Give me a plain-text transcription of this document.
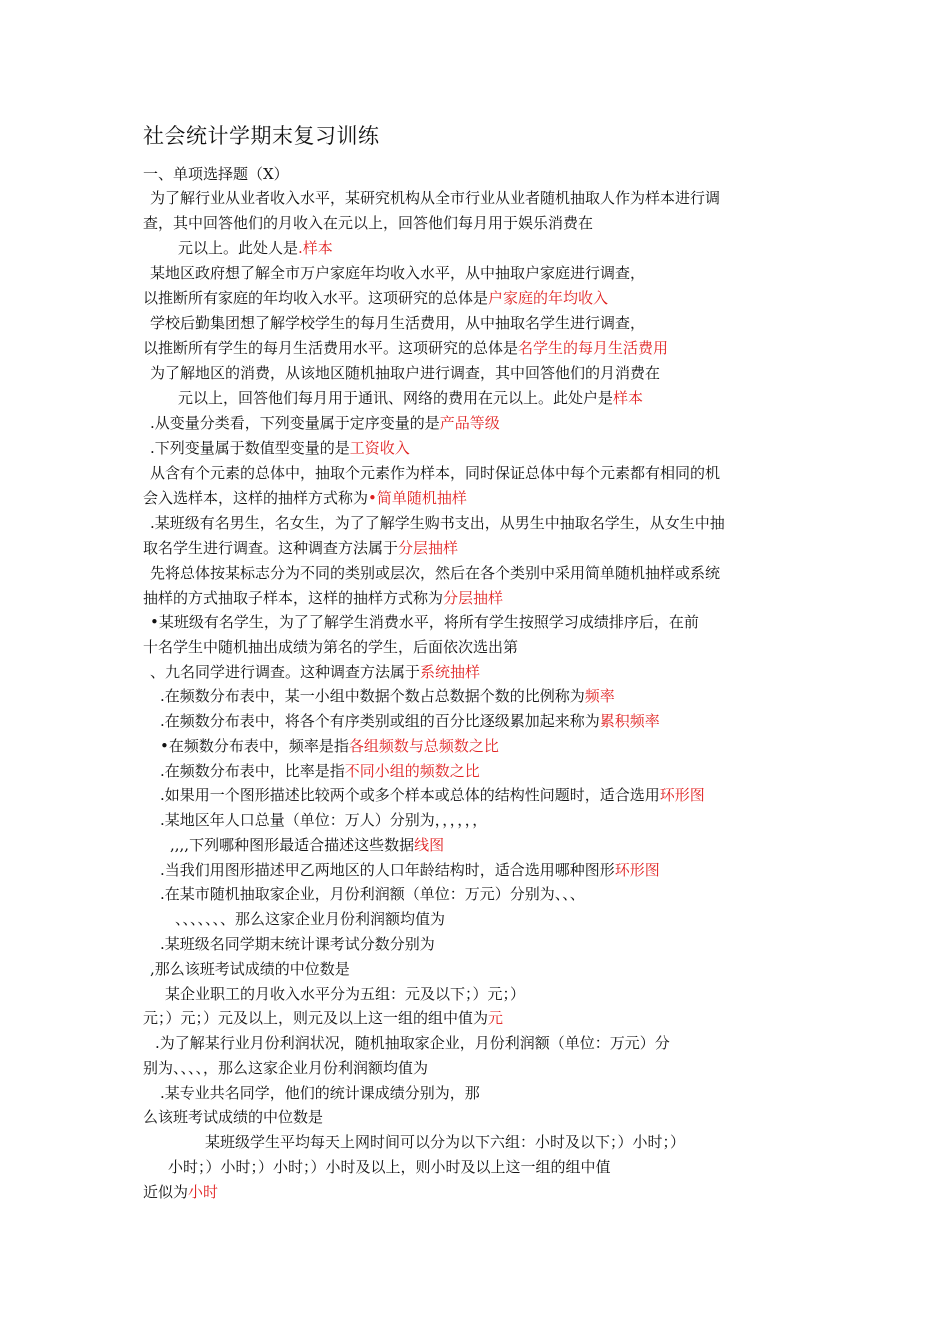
社会统计学期末复习训练
一、单项选择题（X）
为了解行业从业者收入水平，某研究机构从全市行业从业者随机抽取人作为样本进行调
查，其中回答他们的月收入在元以上，回答他们每月用于娱乐消费在
元以上。此处人是.样本
某地区政府想了解全市万户家庭年均收入水平，从中抽取户家庭进行调查，
以推断所有家庭的年均收入水平。这项研究的总体是户家庭的年均收入
学校后勤集团想了解学校学生的每月生活费用，从中抽取名学生进行调查，
以推断所有学生的每月生活费用水平。这项研究的总体是名学生的每月生活费用
为了解地区的消费，从该地区随机抽取户进行调查，其中回答他们的月消费在
元以上，回答他们每月用于通讯、网络的费用在元以上。此处户是样本
.从变量分类看，下列变量属于定序变量的是产品等级
.下列变量属于数值型变量的是工资收入
从含有个元素的总体中，抽取个元素作为样本，同时保证总体中每个元素都有相同的机
会入选样本，这样的抽样方式称为•简单随机抽样
.某班级有名男生，名女生，为了了解学生购书支出，从男生中抽取名学生，从女生中抽
取名学生进行调查。这种调查方法属于分层抽样
先将总体按某标志分为不同的类别或层次，然后在各个类别中采用简单随机抽样或系统
抽样的方式抽取子样本，这样的抽样方式称为分层抽样
•某班级有名学生，为了了解学生消费水平，将所有学生按照学习成绩排序后，在前
十名学生中随机抽出成绩为第名的学生，后面依次选出第
、九名同学进行调查。这种调查方法属于系统抽样
.在频数分布表中，某一小组中数据个数占总数据个数的比例称为频率
.在频数分布表中，将各个有序类别或组的百分比逐级累加起来称为累积频率
•在频数分布表中，频率是指各组频数与总频数之比
.在频数分布表中，比率是指不同小组的频数之比
.如果用一个图形描述比较两个或多个样本或总体的结构性问题时，适合选用环形图
.某地区年人口总量（单位：万人）分别为，，，，，，
,,,,下列哪种图形最适合描述这些数据线图
.当我们用图形描述甲乙两地区的人口年龄结构时，适合选用哪种图形环形图
.在某市随机抽取家企业，月份利润额（单位：万元）分别为、、、
、、、、、、、那么这家企业月份利润额均值为
.某班级名同学期末统计课考试分数分别为
,那么该班考试成绩的中位数是
某企业职工的月收入水平分为五组：元及以下；）元；）
元；）元；）元及以上，则元及以上这一组的组中值为元
.为了解某行业月份利润状况，随机抽取家企业，月份利润额（单位：万元）分
别为、、、、，那么这家企业月份利润额均值为
.某专业共名同学，他们的统计课成绩分别为，那
么该班考试成绩的中位数是
某班级学生平均每天上网时间可以分为以下六组：小时及以下；）小时；）
小时；）小时；）小时；）小时及以上，则小时及以上这一组的组中值
近似为小时
